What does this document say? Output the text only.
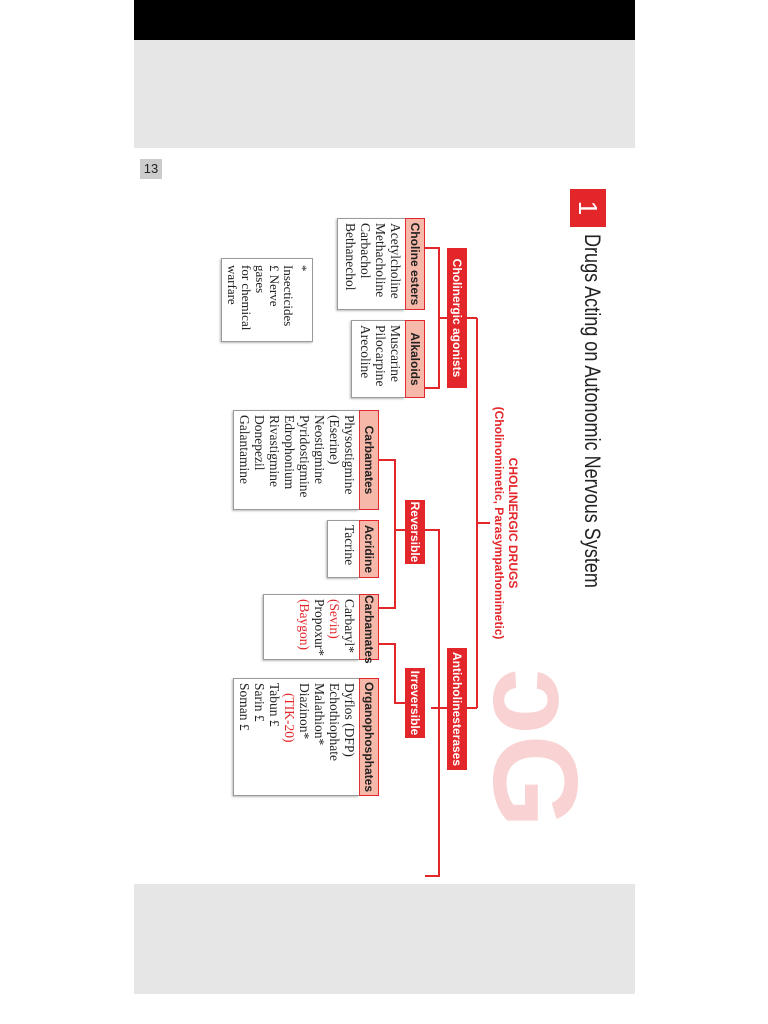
ɔG
1
Drugs Acting on Autonomic Nervous System
13
CHOLINERGIC DRUGS
(Cholinomimetic, Parasympathomimetic)
Cholinergic agonists
Anticholinesterases
Reversible
Irreversible
Choline esters
Acetylcholine
Methacholine
Carbachol
Bethanechol
Alkaloids
Muscarine
Pilocarpine
Arecoline
Carbamates
Physostigmine
(Eserine)
Neostigmine
Pyridostigmine
Edrophonium
Rivastigmine
Donepezil
Galantamine
Acridine
Tacrine
Carbamates
Carbaryl*
(Sevin)
Propoxur*
(Baygon)
Organophosphates
Dyflos (DFP)
Echothiophate
Malathion*
Diazinon*
(TIK-20)
Tabun £
Sarin £
Soman £
* Insecticides
£ Nerve gases
for chemical
warfare
